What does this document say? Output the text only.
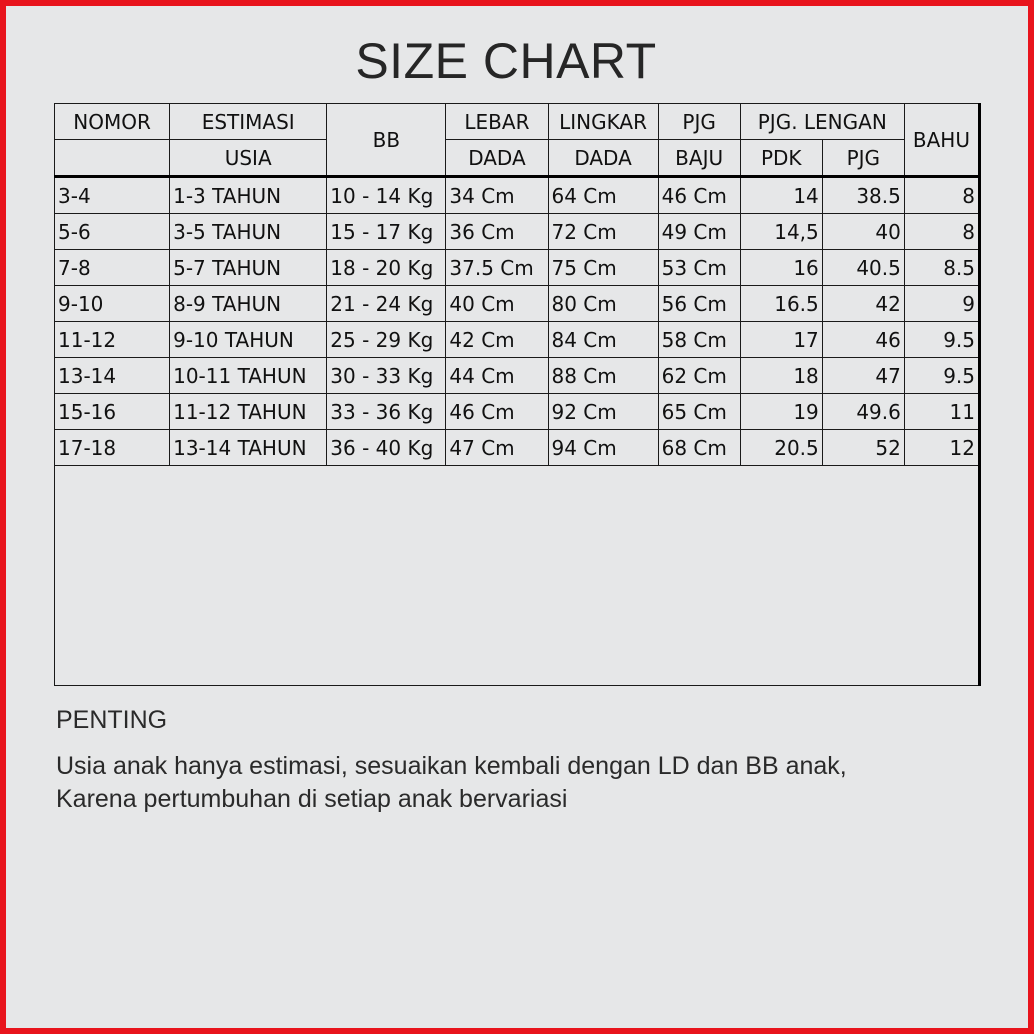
SIZE CHART
NOMOR	ESTIMASI	BB	LEBAR	LINGKAR	PJG	PJG. LENGAN		BAHU
	USIA		DADA	DADA	BAJU	PDK	PJG	
3-4	1-3 TAHUN	10 - 14 Kg	34 Cm	64 Cm	46 Cm	14	38.5	8
5-6	3-5 TAHUN	15 - 17 Kg	36 Cm	72 Cm	49 Cm	14,5	40	8
7-8	5-7 TAHUN	18 - 20 Kg	37.5 Cm	75 Cm	53 Cm	16	40.5	8.5
9-10	8-9 TAHUN	21 - 24 Kg	40 Cm	80 Cm	56 Cm	16.5	42	9
11-12	9-10 TAHUN	25 - 29 Kg	42 Cm	84 Cm	58 Cm	17	46	9.5
13-14	10-11 TAHUN	30 - 33 Kg	44 Cm	88 Cm	62 Cm	18	47	9.5
15-16	11-12 TAHUN	33 - 36 Kg	46 Cm	92 Cm	65 Cm	19	49.6	11
17-18	13-14 TAHUN	36 - 40 Kg	47 Cm	94 Cm	68 Cm	20.5	52	12

PENTING
Usia anak hanya estimasi, sesuaikan kembali dengan LD dan BB anak,
Karena pertumbuhan di setiap anak bervariasi
